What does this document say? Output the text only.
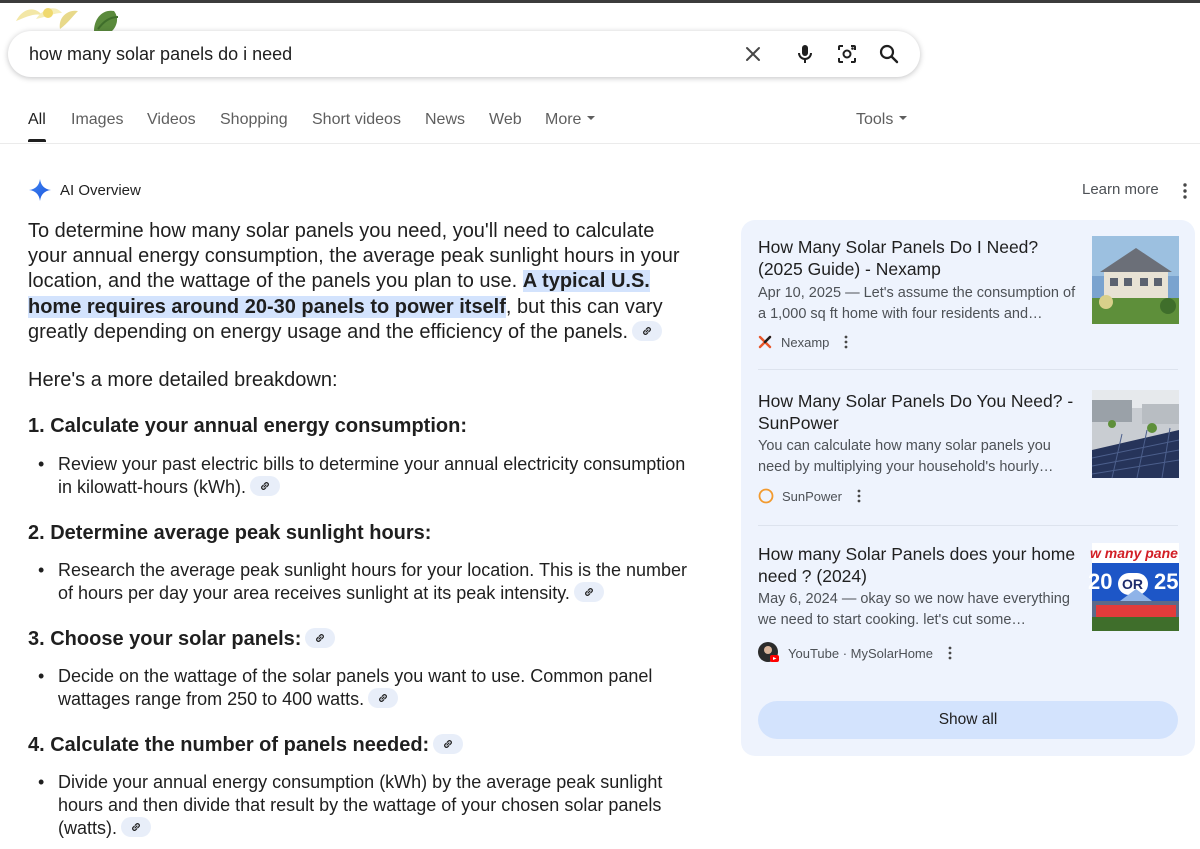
how many solar panels do i need
All Images Videos Shopping Short videos News Web More	Tools
AI Overview	Learn more

To determine how many solar panels you need, you'll need to calculate your annual energy consumption, the average peak sunlight hours in your location, and the wattage of the panels you plan to use. A typical U.S. home requires around 20-30 panels to power itself, but this can vary greatly depending on energy usage and the efficiency of the panels.

Here's a more detailed breakdown:
1. Calculate your annual energy consumption:
• Review your past electric bills to determine your annual electricity consumption in kilowatt-hours (kWh).
2. Determine average peak sunlight hours:
• Research the average peak sunlight hours for your location. This is the number of hours per day your area receives sunlight at its peak intensity.
3. Choose your solar panels:
• Decide on the wattage of the solar panels you want to use. Common panel wattages range from 250 to 400 watts.
4. Calculate the number of panels needed:
• Divide your annual energy consumption (kWh) by the average peak sunlight hours and then divide that result by the wattage of your chosen solar panels (watts).
How Many Solar Panels Do I Need? (2025 Guide) - Nexamp
Apr 10, 2025 — Let's assume the consumption of a 1,000 sq ft home with four residents and…
Nexamp
How Many Solar Panels Do You Need? - SunPower
You can calculate how many solar panels you need by multiplying your household's hourly…
SunPower
How many Solar Panels does your home need ? (2024)
May 6, 2024 — okay so we now have everything we need to start cooking. let's cut some…
YouTube · MySolarHome
w many pane
20 OR 25
Show all
